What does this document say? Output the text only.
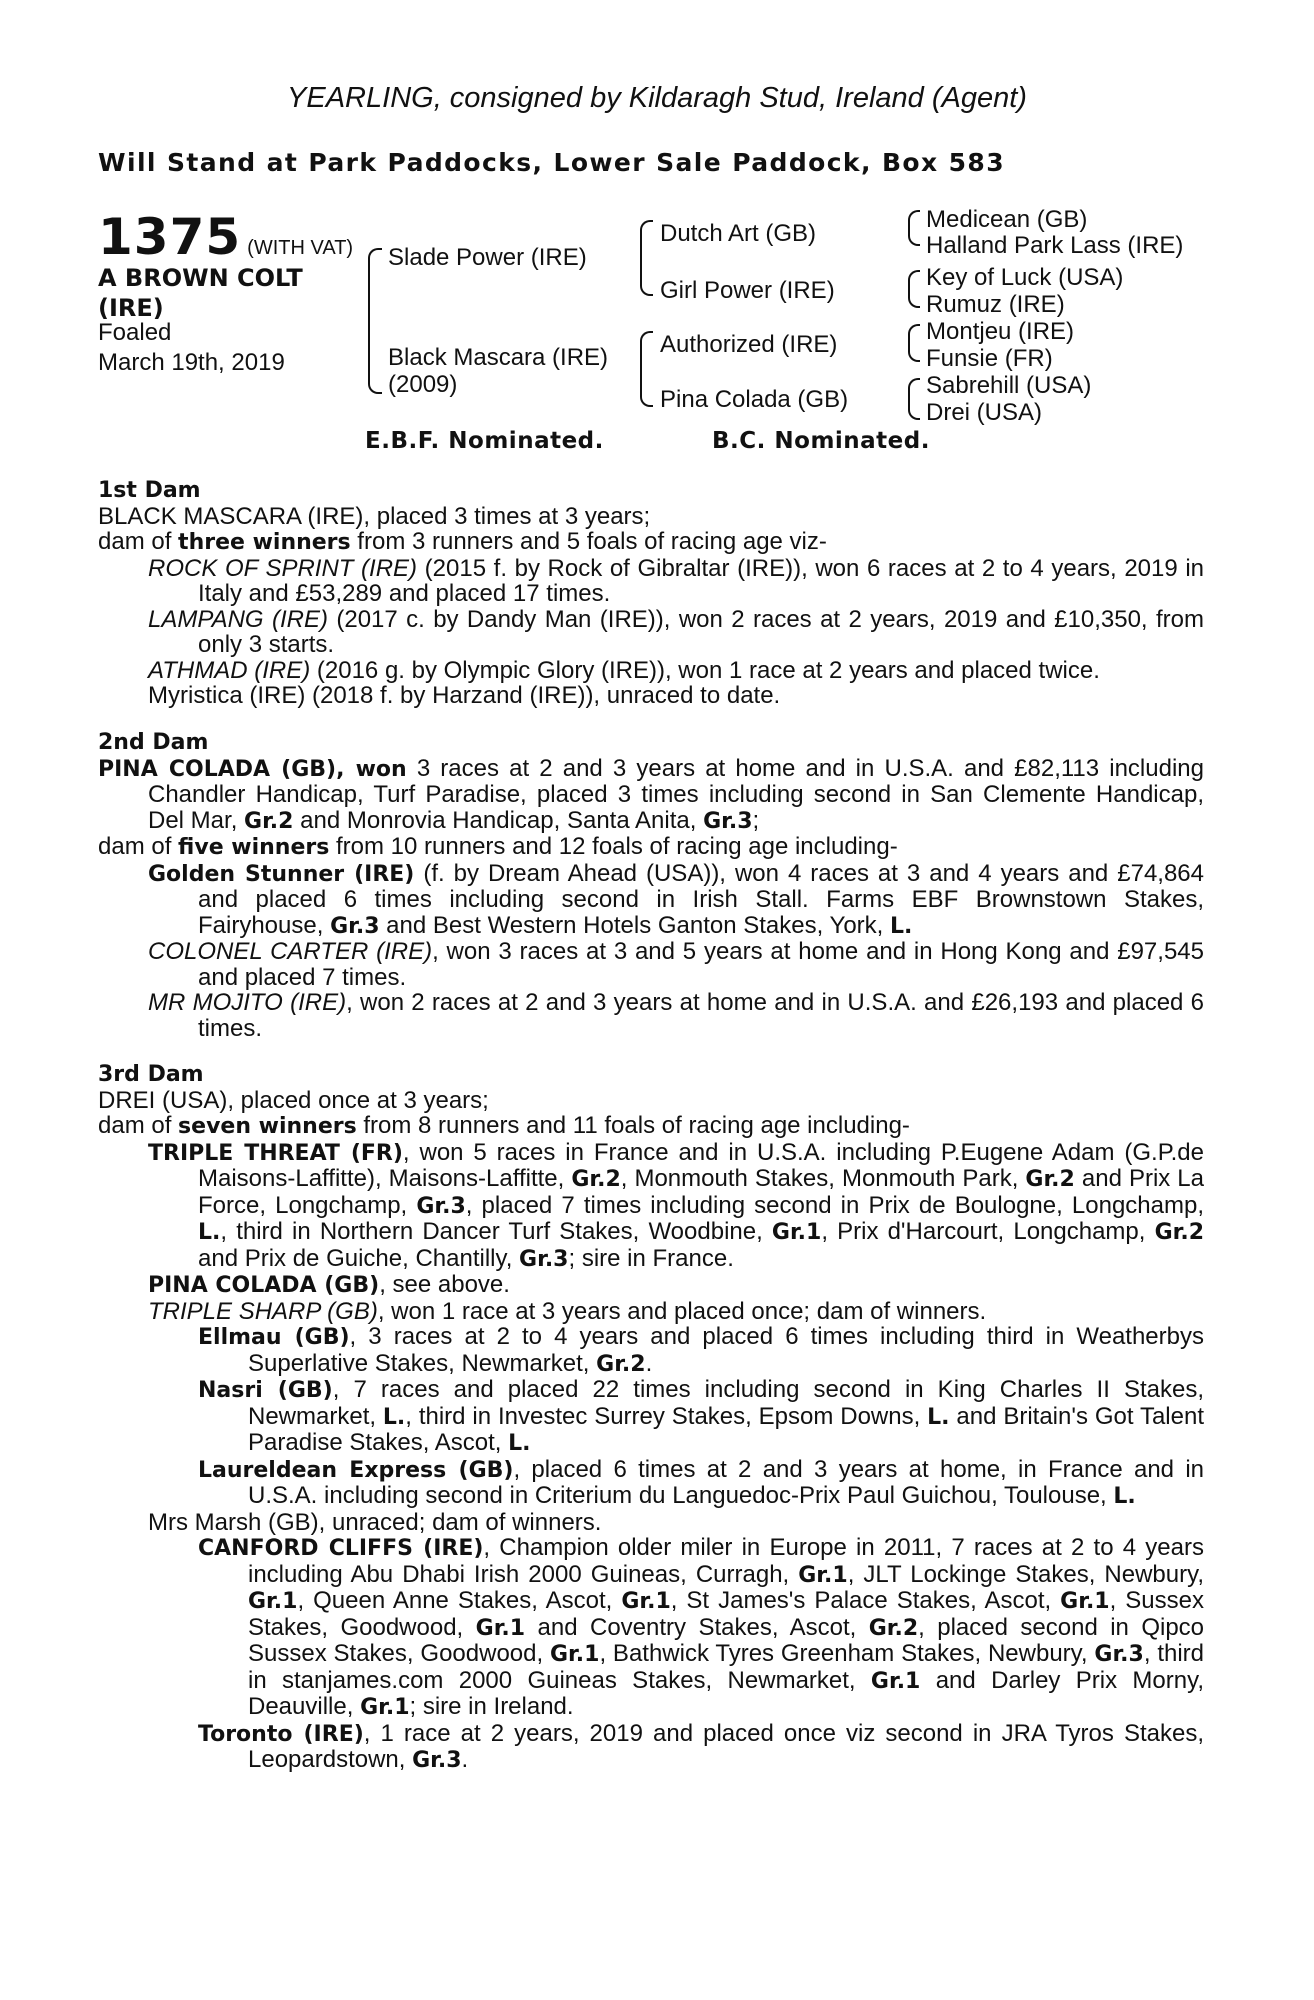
YEARLING, consigned by Kildaragh Stud, Ireland (Agent)
Will Stand at Park Paddocks, Lower Sale Paddock, Box 583
1375 (WITH VAT)
A BROWN COLT
(IRE)
Foaled
March 19th, 2019
Slade Power (IRE)
Black Mascara (IRE)
(2009)
Dutch Art (GB)
Girl Power (IRE)
Authorized (IRE)
Pina Colada (GB)
Medicean (GB)
Halland Park Lass (IRE)
Key of Luck (USA)
Rumuz (IRE)
Montjeu (IRE)
Funsie (FR)
Sabrehill (USA)
Drei (USA)
E.B.F. Nominated.	B.C. Nominated.
1st Dam
BLACK MASCARA (IRE), placed 3 times at 3 years;
dam of three winners from 3 runners and 5 foals of racing age viz-
ROCK OF SPRINT (IRE) (2015 f. by Rock of Gibraltar (IRE)), won 6 races at 2 to 4 years, 2019 in Italy and £53,289 and placed 17 times.
LAMPANG (IRE) (2017 c. by Dandy Man (IRE)), won 2 races at 2 years, 2019 and £10,350, from only 3 starts.
ATHMAD (IRE) (2016 g. by Olympic Glory (IRE)), won 1 race at 2 years and placed twice.
Myristica (IRE) (2018 f. by Harzand (IRE)), unraced to date.
2nd Dam
PINA COLADA (GB), won 3 races at 2 and 3 years at home and in U.S.A. and £82,113 including Chandler Handicap, Turf Paradise, placed 3 times including second in San Clemente Handicap, Del Mar, Gr.2 and Monrovia Handicap, Santa Anita, Gr.3;
dam of five winners from 10 runners and 12 foals of racing age including-
Golden Stunner (IRE) (f. by Dream Ahead (USA)), won 4 races at 3 and 4 years and £74,864 and placed 6 times including second in Irish Stall. Farms EBF Brownstown Stakes, Fairyhouse, Gr.3 and Best Western Hotels Ganton Stakes, York, L.
COLONEL CARTER (IRE), won 3 races at 3 and 5 years at home and in Hong Kong and £97,545 and placed 7 times.
MR MOJITO (IRE), won 2 races at 2 and 3 years at home and in U.S.A. and £26,193 and placed 6 times.
3rd Dam
DREI (USA), placed once at 3 years;
dam of seven winners from 8 runners and 11 foals of racing age including-
TRIPLE THREAT (FR), won 5 races in France and in U.S.A. including P.Eugene Adam (G.P.de Maisons-Laffitte), Maisons-Laffitte, Gr.2, Monmouth Stakes, Monmouth Park, Gr.2 and Prix La Force, Longchamp, Gr.3, placed 7 times including second in Prix de Boulogne, Longchamp, L., third in Northern Dancer Turf Stakes, Woodbine, Gr.1, Prix d'Harcourt, Longchamp, Gr.2 and Prix de Guiche, Chantilly, Gr.3; sire in France.
PINA COLADA (GB), see above.
TRIPLE SHARP (GB), won 1 race at 3 years and placed once; dam of winners.
Ellmau (GB), 3 races at 2 to 4 years and placed 6 times including third in Weatherbys Superlative Stakes, Newmarket, Gr.2.
Nasri (GB), 7 races and placed 22 times including second in King Charles II Stakes, Newmarket, L., third in Investec Surrey Stakes, Epsom Downs, L. and Britain's Got Talent Paradise Stakes, Ascot, L.
Laureldean Express (GB), placed 6 times at 2 and 3 years at home, in France and in U.S.A. including second in Criterium du Languedoc-Prix Paul Guichou, Toulouse, L.
Mrs Marsh (GB), unraced; dam of winners.
CANFORD CLIFFS (IRE), Champion older miler in Europe in 2011, 7 races at 2 to 4 years including Abu Dhabi Irish 2000 Guineas, Curragh, Gr.1, JLT Lockinge Stakes, Newbury, Gr.1, Queen Anne Stakes, Ascot, Gr.1, St James's Palace Stakes, Ascot, Gr.1, Sussex Stakes, Goodwood, Gr.1 and Coventry Stakes, Ascot, Gr.2, placed second in Qipco Sussex Stakes, Goodwood, Gr.1, Bathwick Tyres Greenham Stakes, Newbury, Gr.3, third in stanjames.com 2000 Guineas Stakes, Newmarket, Gr.1 and Darley Prix Morny, Deauville, Gr.1; sire in Ireland.
Toronto (IRE), 1 race at 2 years, 2019 and placed once viz second in JRA Tyros Stakes, Leopardstown, Gr.3.
